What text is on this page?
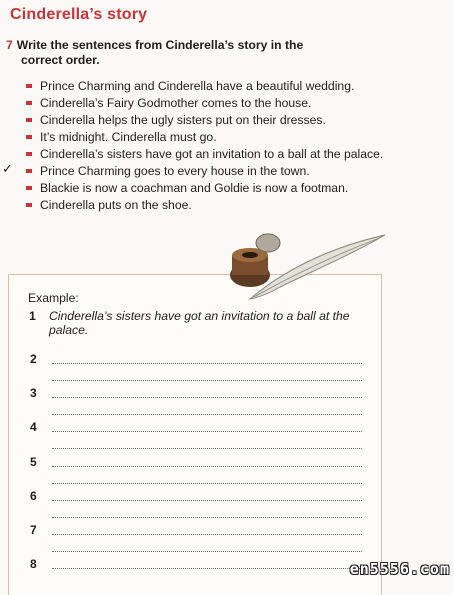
Cinderella’s story
7 Write the sentences from Cinderella’s story in the
correct order.
✓
Prince Charming and Cinderella have a beautiful wedding.
Cinderella’s Fairy Godmother comes to the house.
Cinderella helps the ugly sisters put on their dresses.
It’s midnight. Cinderella must go.
Cinderella’s sisters have got an invitation to a ball at the palace.
Prince Charming goes to every house in the town.
Blackie is now a coachman and Goldie is now a footman.
Cinderella puts on the shoe.
Example:
1 Cinderella’s sisters have got an invitation to a ball at the palace.
2
3
4
5
6
7
8	en5556.com
